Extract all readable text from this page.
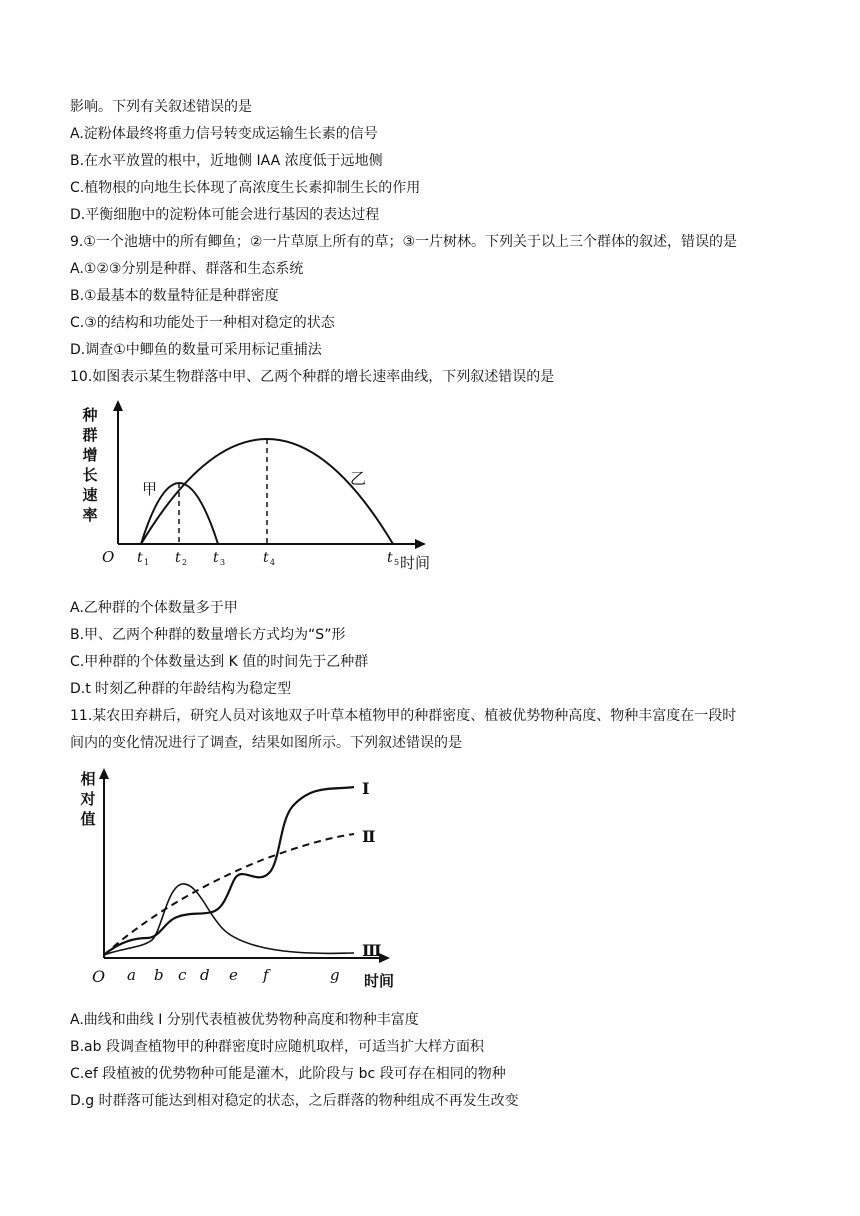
影响。下列有关叙述错误的是
A.淀粉体最终将重力信号转变成运输生长素的信号
B.在水平放置的根中，近地侧 IAA 浓度低于远地侧
C.植物根的向地生长体现了高浓度生长素抑制生长的作用
D.平衡细胞中的淀粉体可能会进行基因的表达过程
9.①一个池塘中的所有鲫鱼；②一片草原上所有的草；③一片树林。下列关于以上三个群体的叙述，错误的是
A.①②③分别是种群、群落和生态系统
B.①最基本的数量特征是种群密度
C.③的结构和功能处于一种相对稳定的状态
D.调查①中鲫鱼的数量可采用标记重捕法
10.如图表示某生物群落中甲、乙两个种群的增长速率曲线，下列叙述错误的是
种
群
增
长
速
率
O	时间
甲
乙
t 1 t 2 t 3	t 4	t 5
A.乙种群的个体数量多于甲
B.甲、乙两个种群的数量增长方式均为“S”形
C.甲种群的个体数量达到 K 值的时间先于乙种群
D.t 时刻乙种群的年龄结构为稳定型
11.某农田弃耕后，研究人员对该地双子叶草本植物甲的种群密度、植被优势物种高度、物种丰富度在一段时
间内的变化情况进行了调查，结果如图所示。下列叙述错误的是
相
对
值
O	时间
Ⅰ
Ⅱ
Ⅲ
a b c d e f	g
A.曲线和曲线 I 分别代表植被优势物种高度和物种丰富度
B.ab 段调查植物甲的种群密度时应随机取样，可适当扩大样方面积
C.ef 段植被的优势物种可能是灌木，此阶段与 bc 段可存在相同的物种
D.g 时群落可能达到相对稳定的状态，之后群落的物种组成不再发生改变
